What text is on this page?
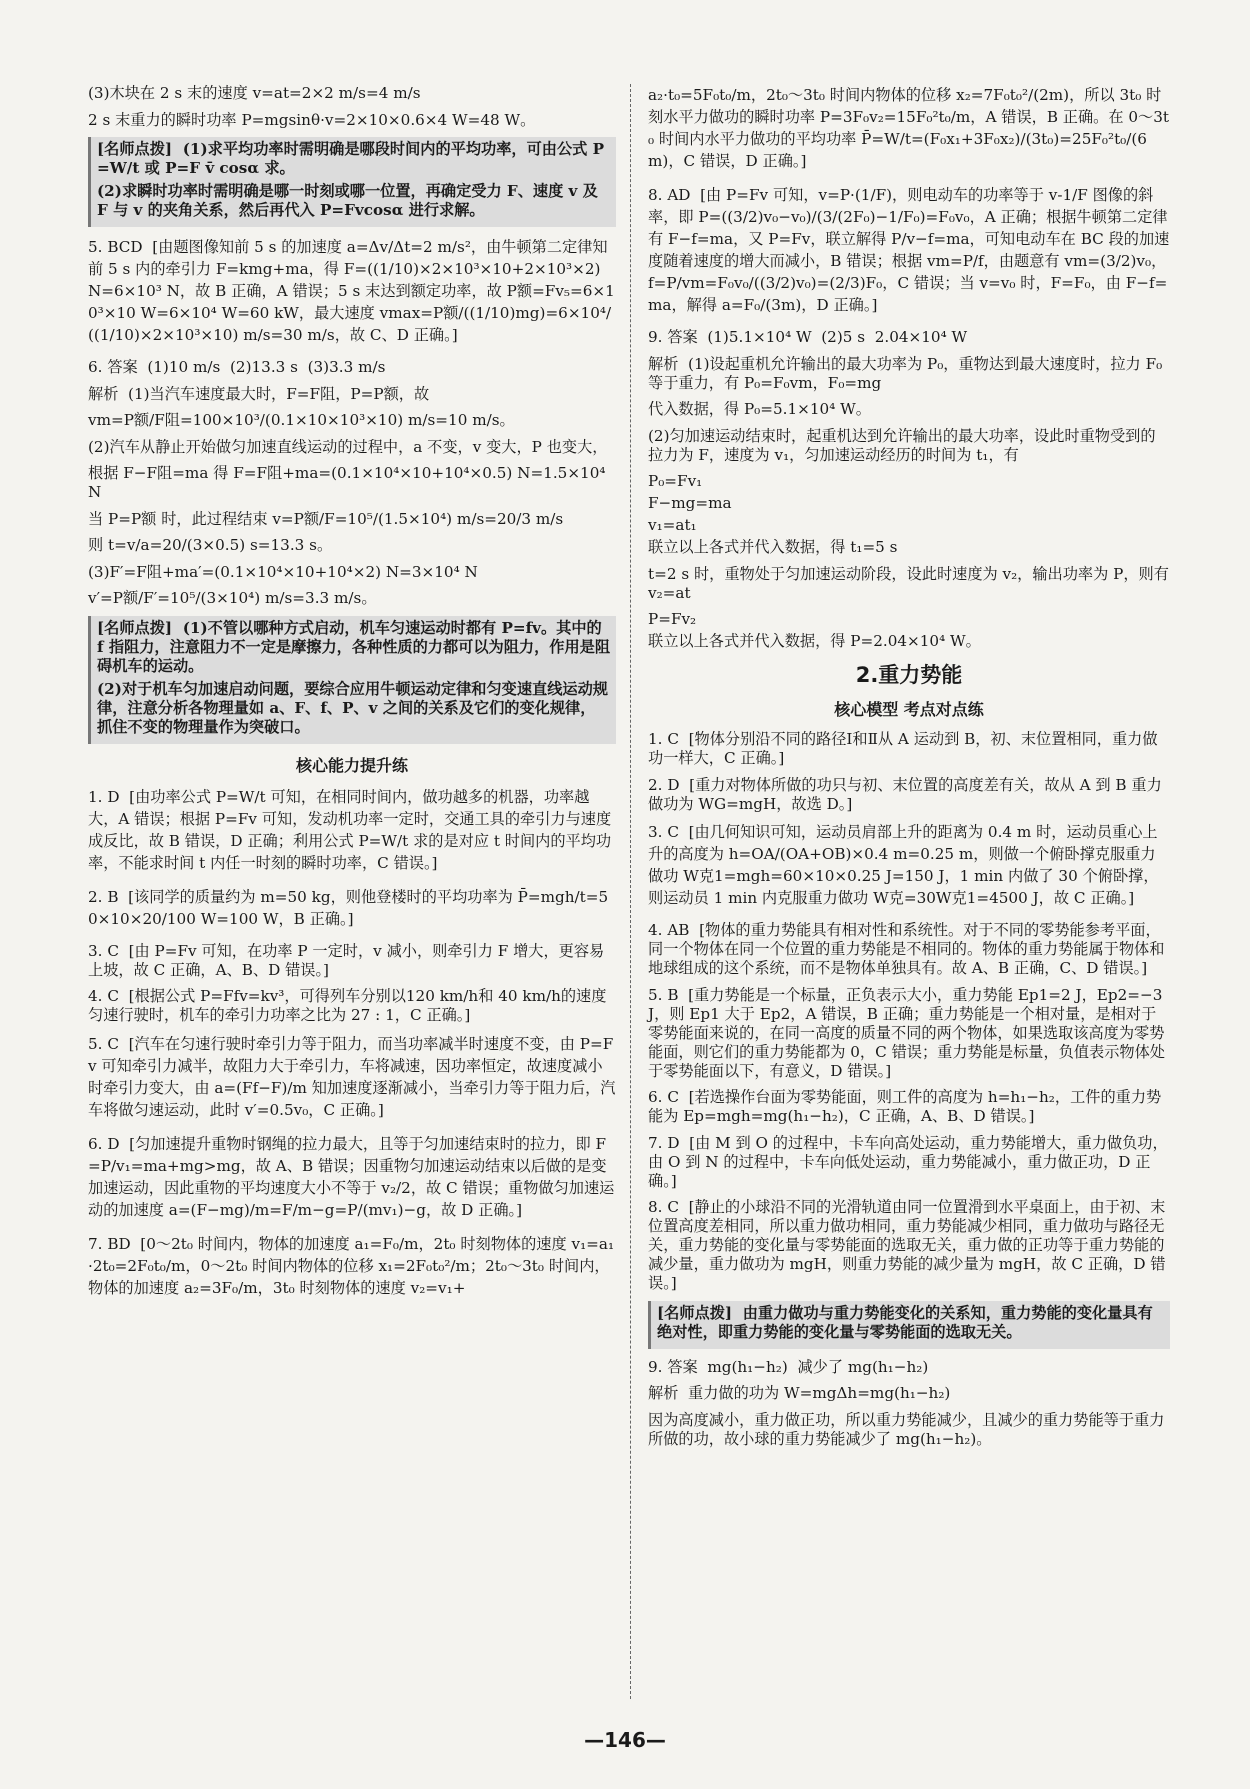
(3)木块在 2 s 末的速度 v=at=2×2 m/s=4 m/s
2 s 末重力的瞬时功率 P=mgsinθ·v=2×10×0.6×4 W=48 W。
[名师点拨]  (1)求平均功率时需明确是哪段时间内的平均功率，可由公式 P=W/t 或 P=F v̄ cosα 求。
(2)求瞬时功率时需明确是哪一时刻或哪一位置，再确定受力 F、速度 v 及 F 与 v 的夹角关系，然后再代入 P=Fvcosα 进行求解。
5. BCD  [由题图像知前 5 s 的加速度 a=Δv/Δt=2 m/s²，由牛顿第二定律知前 5 s 内的牵引力 F=kmg+ma，得 F=((1/10)×2×10³×10+2×10³×2) N=6×10³ N，故 B 正确，A 错误；5 s 末达到额定功率，故 P额=Fv₅=6×10³×10 W=6×10⁴ W=60 kW，最大速度 vmax=P额/((1/10)mg)=6×10⁴/((1/10)×2×10³×10) m/s=30 m/s，故 C、D 正确。]
6. 答案  (1)10 m/s  (2)13.3 s  (3)3.3 m/s
解析  (1)当汽车速度最大时，F=F阻，P=P额，故
vm=P额/F阻=100×10³/(0.1×10×10³×10) m/s=10 m/s。
(2)汽车从静止开始做匀加速直线运动的过程中，a 不变，v 变大，P 也变大，
根据 F−F阻=ma 得 F=F阻+ma=(0.1×10⁴×10+10⁴×0.5) N=1.5×10⁴ N
当 P=P额 时，此过程结束 v=P额/F=10⁵/(1.5×10⁴) m/s=20/3 m/s
则 t=v/a=20/(3×0.5) s=13.3 s。
(3)F′=F阻+ma′=(0.1×10⁴×10+10⁴×2) N=3×10⁴ N
v′=P额/F′=10⁵/(3×10⁴) m/s=3.3 m/s。
[名师点拨]  (1)不管以哪种方式启动，机车匀速运动时都有 P=fv。其中的 f 指阻力，注意阻力不一定是摩擦力，各种性质的力都可以为阻力，作用是阻碍机车的运动。
(2)对于机车匀加速启动问题，要综合应用牛顿运动定律和匀变速直线运动规律，注意分析各物理量如 a、F、f、P、v 之间的关系及它们的变化规律，抓住不变的物理量作为突破口。
核心能力提升练
1. D  [由功率公式 P=W/t 可知，在相同时间内，做功越多的机器，功率越大，A 错误；根据 P=Fv 可知，发动机功率一定时，交通工具的牵引力与速度成反比，故 B 错误，D 正确；利用公式 P=W/t 求的是对应 t 时间内的平均功率，不能求时间 t 内任一时刻的瞬时功率，C 错误。]
2. B  [该同学的质量约为 m=50 kg，则他登楼时的平均功率为 P̄=mgh/t=50×10×20/100 W=100 W，B 正确。]
3. C  [由 P=Fv 可知，在功率 P 一定时，v 减小，则牵引力 F 增大，更容易上坡，故 C 正确，A、B、D 错误。]
4. C  [根据公式 P=Ffv=kv³，可得列车分别以120 km/h和 40 km/h的速度匀速行驶时，机车的牵引力功率之比为 27 : 1，C 正确。]
5. C  [汽车在匀速行驶时牵引力等于阻力，而当功率减半时速度不变，由 P=Fv 可知牵引力减半，故阻力大于牵引力，车将减速，因功率恒定，故速度减小时牵引力变大，由 a=(Ff−F)/m 知加速度逐渐减小，当牵引力等于阻力后，汽车将做匀速运动，此时 v′=0.5v₀，C 正确。]
6. D  [匀加速提升重物时钢绳的拉力最大，且等于匀加速结束时的拉力，即 F=P/v₁=ma+mg>mg，故 A、B 错误；因重物匀加速运动结束以后做的是变加速运动，因此重物的平均速度大小不等于 v₂/2，故 C 错误；重物做匀加速运动的加速度 a=(F−mg)/m=F/m−g=P/(mv₁)−g，故 D 正确。]
7. BD  [0～2t₀ 时间内，物体的加速度 a₁=F₀/m，2t₀ 时刻物体的速度 v₁=a₁·2t₀=2F₀t₀/m，0～2t₀ 时间内物体的位移 x₁=2F₀t₀²/m；2t₀～3t₀ 时间内，物体的加速度 a₂=3F₀/m，3t₀ 时刻物体的速度 v₂=v₁+
a₂·t₀=5F₀t₀/m，2t₀～3t₀ 时间内物体的位移 x₂=7F₀t₀²/(2m)，所以 3t₀ 时刻水平力做功的瞬时功率 P=3F₀v₂=15F₀²t₀/m，A 错误，B 正确。在 0～3t₀ 时间内水平力做功的平均功率 P̄=W/t=(F₀x₁+3F₀x₂)/(3t₀)=25F₀²t₀/(6m)，C 错误，D 正确。]
8. AD  [由 P=Fv 可知，v=P·(1/F)，则电动车的功率等于 v-1/F 图像的斜率，即 P=((3/2)v₀−v₀)/(3/(2F₀)−1/F₀)=F₀v₀，A 正确；根据牛顿第二定律有 F−f=ma，又 P=Fv，联立解得 P/v−f=ma，可知电动车在 BC 段的加速度随着速度的增大而减小，B 错误；根据 vm=P/f，由题意有 vm=(3/2)v₀，f=P/vm=F₀v₀/((3/2)v₀)=(2/3)F₀，C 错误；当 v=v₀ 时，F=F₀，由 F−f=ma，解得 a=F₀/(3m)，D 正确。]
9. 答案  (1)5.1×10⁴ W  (2)5 s  2.04×10⁴ W
解析  (1)设起重机允许输出的最大功率为 P₀，重物达到最大速度时，拉力 F₀ 等于重力，有 P₀=F₀vm，F₀=mg
代入数据，得 P₀=5.1×10⁴ W。
(2)匀加速运动结束时，起重机达到允许输出的最大功率，设此时重物受到的拉力为 F，速度为 v₁，匀加速运动经历的时间为 t₁，有
P₀=Fv₁
F−mg=ma
v₁=at₁
联立以上各式并代入数据，得 t₁=5 s
t=2 s 时，重物处于匀加速运动阶段，设此时速度为 v₂，输出功率为 P，则有 v₂=at
P=Fv₂
联立以上各式并代入数据，得 P=2.04×10⁴ W。
2.重力势能
核心模型 考点对点练
1. C  [物体分别沿不同的路径Ⅰ和Ⅱ从 A 运动到 B，初、末位置相同，重力做功一样大，C 正确。]
2. D  [重力对物体所做的功只与初、末位置的高度差有关，故从 A 到 B 重力做功为 WG=mgH，故选 D。]
3. C  [由几何知识可知，运动员肩部上升的距离为 0.4 m 时，运动员重心上升的高度为 h=OA/(OA+OB)×0.4 m=0.25 m，则做一个俯卧撑克服重力做功 W克1=mgh=60×10×0.25 J=150 J，1 min 内做了 30 个俯卧撑，则运动员 1 min 内克服重力做功 W克=30W克1=4500 J，故 C 正确。]
4. AB  [物体的重力势能具有相对性和系统性。对于不同的零势能参考平面，同一个物体在同一个位置的重力势能是不相同的。物体的重力势能属于物体和地球组成的这个系统，而不是物体单独具有。故 A、B 正确，C、D 错误。]
5. B  [重力势能是一个标量，正负表示大小，重力势能 Ep1=2 J，Ep2=−3 J，则 Ep1 大于 Ep2，A 错误，B 正确；重力势能是一个相对量，是相对于零势能面来说的，在同一高度的质量不同的两个物体，如果选取该高度为零势能面，则它们的重力势能都为 0，C 错误；重力势能是标量，负值表示物体处于零势能面以下，有意义，D 错误。]
6. C  [若选操作台面为零势能面，则工件的高度为 h=h₁−h₂，工件的重力势能为 Ep=mgh=mg(h₁−h₂)，C 正确，A、B、D 错误。]
7. D  [由 M 到 O 的过程中，卡车向高处运动，重力势能增大，重力做负功，由 O 到 N 的过程中，卡车向低处运动，重力势能减小，重力做正功，D 正确。]
8. C  [静止的小球沿不同的光滑轨道由同一位置滑到水平桌面上，由于初、末位置高度差相同，所以重力做功相同，重力势能减少相同，重力做功与路径无关，重力势能的变化量与零势能面的选取无关，重力做的正功等于重力势能的减少量，重力做功为 mgH，则重力势能的减少量为 mgH，故 C 正确，D 错误。]
[名师点拨]  由重力做功与重力势能变化的关系知，重力势能的变化量具有绝对性，即重力势能的变化量与零势能面的选取无关。
9. 答案  mg(h₁−h₂)  减少了 mg(h₁−h₂)
解析  重力做的功为 W=mgΔh=mg(h₁−h₂)
因为高度减小，重力做正功，所以重力势能减少，且减少的重力势能等于重力所做的功，故小球的重力势能减少了 mg(h₁−h₂)。
—146—
